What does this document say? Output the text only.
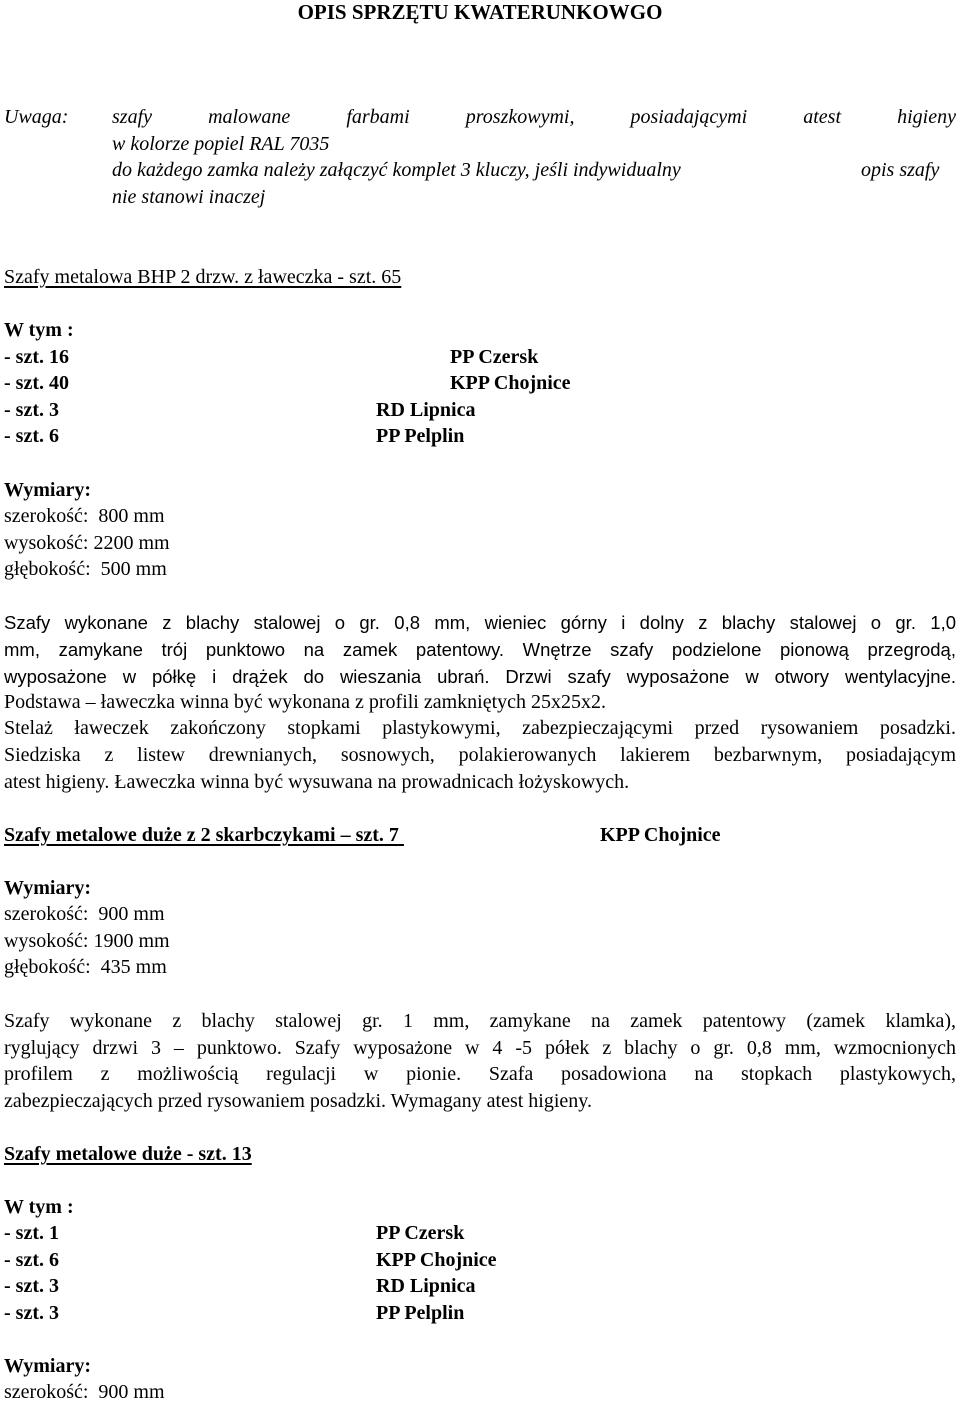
OPIS SPRZĘTU KWATERUNKOWGO
Uwaga: szafy	malowane	farbami	proszkowymi,	posiadającymi	atest	higieny
w kolorze popiel RAL 7035
do każdego zamka należy załączyć komplet 3 kluczy, jeśli indywidualny	opis szafy
nie stanowi inaczej
Szafy metalowa BHP 2 drzw. z ławeczka - szt. 65
W tym :
- szt. 16	PP Czersk
- szt. 40	KPP Chojnice
- szt. 3	RD Lipnica
- szt. 6	PP Pelplin
Wymiary:
szerokość:  800 mm
wysokość: 2200 mm
głębokość:  500 mm
Szafy wykonane z blachy stalowej o gr. 0,8 mm, wieniec górny i dolny z blachy stalowej o gr. 1,0
mm, zamykane trój punktowo na zamek patentowy. Wnętrze szafy podzielone pionową przegrodą,
wyposażone w półkę i drążek do wieszania ubrań. Drzwi szafy wyposażone w otwory wentylacyjne.
Podstawa – ławeczka winna być wykonana z profili zamkniętych 25x25x2.
Stelaż ławeczek zakończony stopkami plastykowymi, zabezpieczającymi przed rysowaniem posadzki.
Siedziska z listew drewnianych, sosnowych, polakierowanych lakierem bezbarwnym, posiadającym
atest higieny. Ławeczka winna być wysuwana na prowadnicach łożyskowych.
Szafy metalowe duże z 2 skarbczykami – szt. 7	KPP Chojnice

Wymiary:
szerokość:  900 mm
wysokość: 1900 mm
głębokość:  435 mm
Szafy wykonane z blachy stalowej gr. 1 mm, zamykane na zamek patentowy (zamek klamka),
ryglujący drzwi 3 – punktowo. Szafy wyposażone w 4 -5 półek z blachy o gr. 0,8 mm, wzmocnionych
profilem z możliwością regulacji w pionie. Szafa posadowiona na stopkach plastykowych,
zabezpieczających przed rysowaniem posadzki. Wymagany atest higieny.
Szafy metalowe duże - szt. 13
W tym :
- szt. 1	PP Czersk
- szt. 6	KPP Chojnice
- szt. 3	RD Lipnica
- szt. 3	PP Pelplin
Wymiary:
szerokość:  900 mm
